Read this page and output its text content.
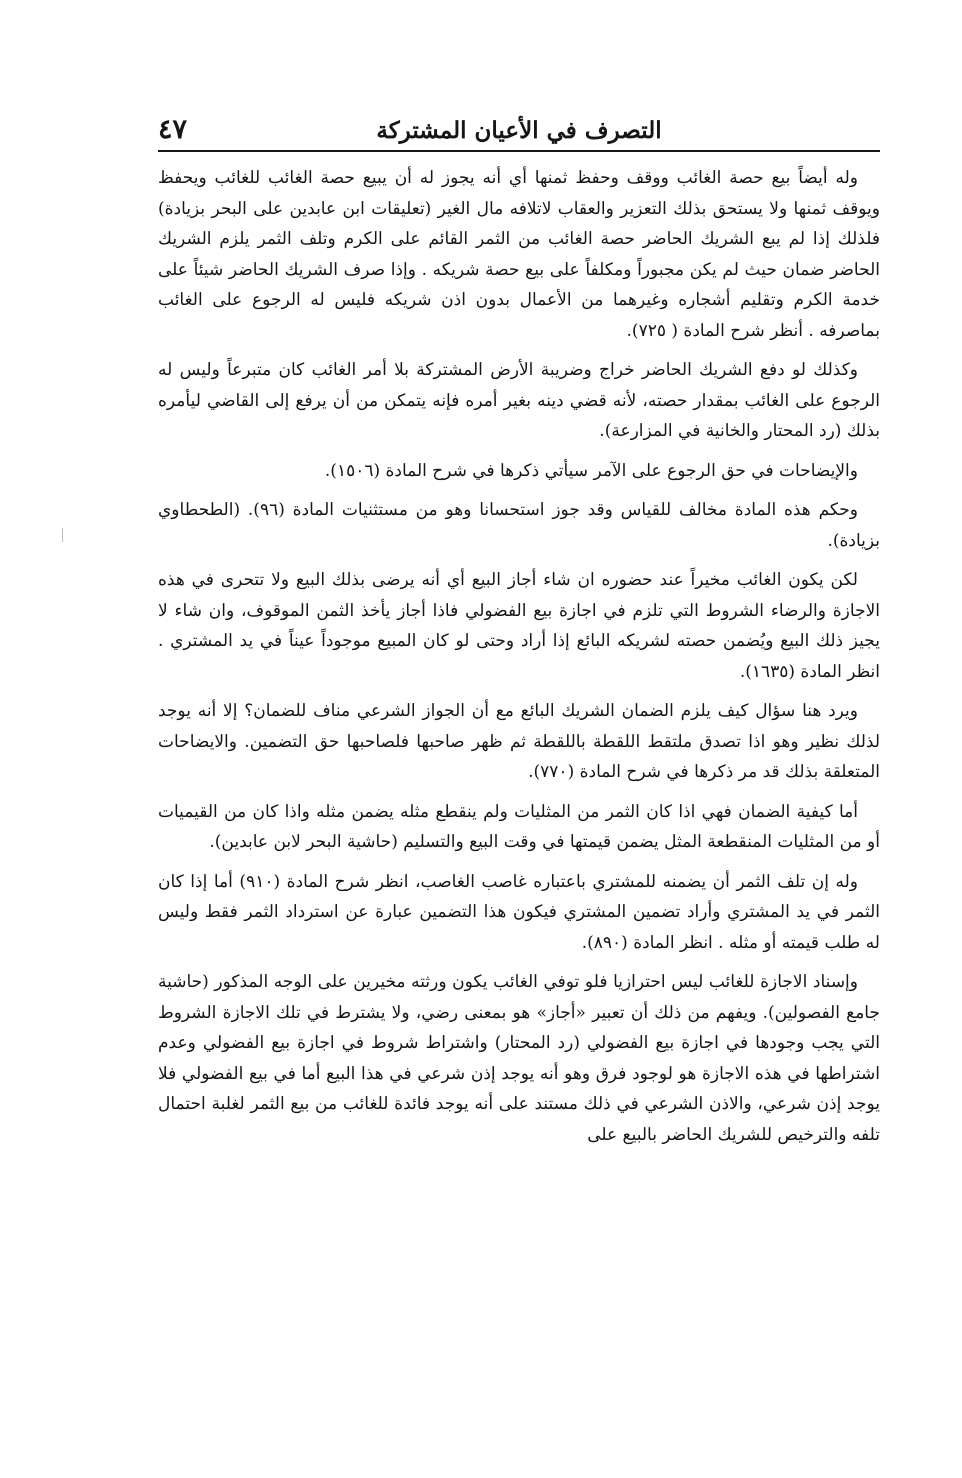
٤٧	التصرف في الأعيان المشتركة

وله أيضاً بيع حصة الغائب ووقف وحفظ ثمنها أي أنه يجوز له أن يبيع حصة الغائب للغائب ويحفظ ويوقف ثمنها ولا يستحق بذلك التعزير والعقاب لاتلافه مال الغير (تعليقات ابن عابدين على البحر بزيادة) فلذلك إذا لم يبع الشريك الحاضر حصة الغائب من الثمر القائم على الكرم وتلف الثمر يلزم الشريك الحاضر ضمان حيث لم يكن مجبوراً ومكلفاً على بيع حصة شريكه . وإذا صرف الشريك الحاضر شيئاً على خدمة الكرم وتقليم أشجاره وغيرهما من الأعمال بدون اذن شريكه فليس له الرجوع على الغائب بماصرفه . أنظر شرح المادة ( ٧٢٥).

وكذلك لو دفع الشريك الحاضر خراج وضريبة الأرض المشتركة بلا أمر الغائب كان متبرعاً وليس له الرجوع على الغائب بمقدار حصته، لأنه قضي دينه بغير أمره فإنه يتمكن من أن يرفع إلى القاضي ليأمره بذلك (رد المحتار والخانية في المزارعة).

والإيضاحات في حق الرجوع على الآمر سيأتي ذكرها في شرح المادة (١٥٠٦).

وحكم هذه المادة مخالف للقياس وقد جوز استحسانا وهو من مستثنيات المادة (٩٦). (الطحطاوي بزيادة).

لكن يكون الغائب مخيراً عند حضوره ان شاء أجاز البيع أي أنه يرضى بذلك البيع ولا تتحرى في هذه الاجازة والرضاء الشروط التي تلزم في اجازة بيع الفضولي فاذا أجاز يأخذ الثمن الموقوف، وان شاء لا يجيز ذلك البيع ويُضمن حصته لشريكه البائع إذا أراد وحتى لو كان المبيع موجوداً عيناً في يد المشتري . انظر المادة (١٦٣٥).

ويرد هنا سؤال كيف يلزم الضمان الشريك البائع مع أن الجواز الشرعي مناف للضمان؟ إلا أنه يوجد لذلك نظير وهو اذا تصدق ملتقط اللقطة باللقطة ثم ظهر صاحبها فلصاحبها حق التضمين. والايضاحات المتعلقة بذلك قد مر ذكرها في شرح المادة (٧٧٠).

أما كيفية الضمان فهي اذا كان الثمر من المثليات ولم ينقطع مثله يضمن مثله واذا كان من القيميات أو من المثليات المنقطعة المثل يضمن قيمتها في وقت البيع والتسليم (حاشية البحر لابن عابدين).

وله إن تلف الثمر أن يضمنه للمشتري باعتباره غاصب الغاصب، انظر شرح المادة (٩١٠) أما إذا كان الثمر في يد المشتري وأراد تضمين المشتري فيكون هذا التضمين عبارة عن استرداد الثمر فقط وليس له طلب قيمته أو مثله . انظر المادة (٨٩٠).

وإسناد الاجازة للغائب ليس احترازيا فلو توفي الغائب يكون ورثته مخيرين على الوجه المذكور (حاشية جامع الفصولين). ويفهم من ذلك أن تعبير «أجاز» هو بمعنى رضي، ولا يشترط في تلك الاجازة الشروط التي يجب وجودها في اجازة بيع الفضولي (رد المحتار) واشتراط شروط في اجازة بيع الفضولي وعدم اشتراطها في هذه الاجازة هو لوجود فرق وهو أنه يوجد إذن شرعي في هذا البيع أما في بيع الفضولي فلا يوجد إذن شرعي، والاذن الشرعي في ذلك مستند على أنه يوجد فائدة للغائب من بيع الثمر لغلبة احتمال تلفه والترخيص للشريك الحاضر بالبيع على
